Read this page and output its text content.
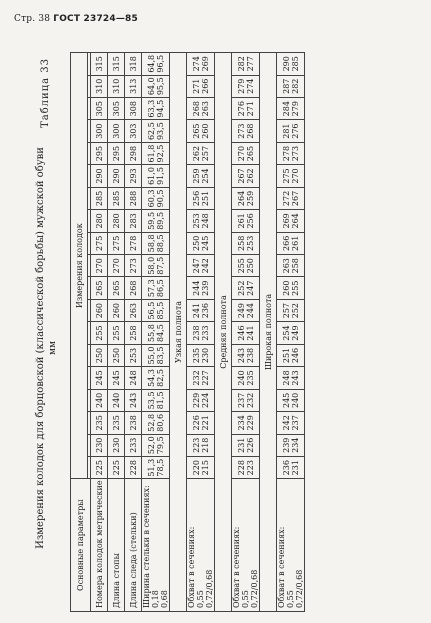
Стр. 38 ГОСТ 23724—85
Таблица 33
Измерения колодок для борцовской (классической борьбы) мужской обуви мм
Основные параметры	Измерения колодок																		

Номера колодок метрические	225	230	235	240	245	250	255	260	265	270	275	280	285	290	295	300	305	310	315
Длина стопы	225	230	235	240	245	250	255	260	265	270	275	280	285	290	295	300	305	310	315
Длина следа (стельки)	228	233	238	243	248	253	258	263	268	273	278	283	288	293	298	303	308	313	318

Ширина стельки в сечениях: 0,18 0,68	51,3 78,5	52,0 79,5	52,8 80,6	53,5 81,5	54,3 82,5	55,0 83,5	55,8 84,5	56,5 85,5	57,3 86,5	58,0 87,5	58,8 88,5	59,5 89,5	60,3 90,5	61,0 91,5	61,8 92,5	62,5 93,5	63,3 94,5	64,0 95,5	64,8 96,5

Узкая полнота																			

Обхват в сечениях: 0,55 0,72/0,68	220 215	223 218	226 221	229 224	232 227	235 230	238 233	241 236	244 239	247 242	250 245	253 248	256 251	259 254	262 257	265 260	268 263	271 266	274 269

Средняя полнота																			

Обхват в сечениях: 0,55 0,72/0,68	228 223	231 226	234 229	237 232	240 235	243 238	246 241	249 244	252 247	255 250	258 253	261 256	264 259	267 262	270 265	273 268	276 271	279 274	282 277

Широкая полнота																			

Обхват в сечениях: 0,55 0,72/0,68	236 231	239 234	242 237	245 240	248 243	251 246	254 249	257 252	260 255	263 258	266 261	269 264	272 267	275 270	278 273	281 276	284 279	287 282	290 285
